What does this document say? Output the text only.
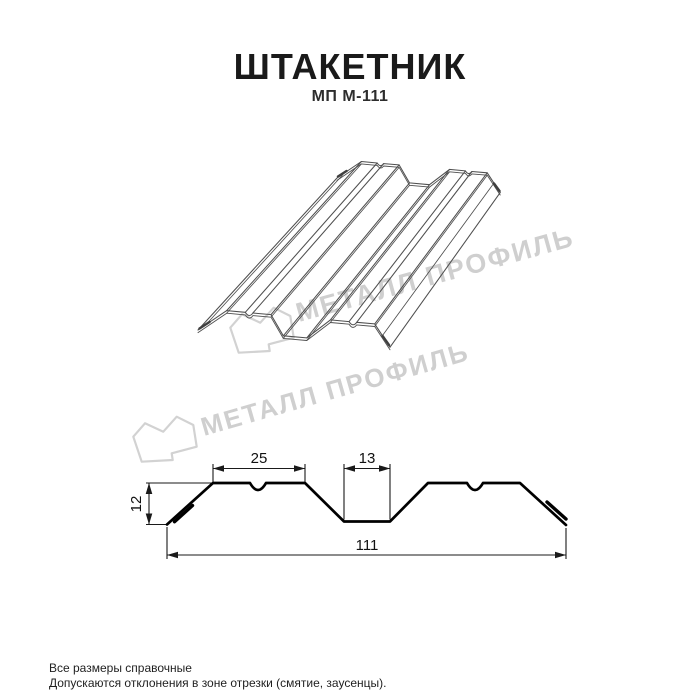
ШТАКЕТНИК
МП М-111
МЕТАЛЛ ПРОФИЛЬ
МЕТАЛЛ ПРОФИЛЬ
25	13
12
111
Все размеры справочные
Допускаются отклонения в зоне отрезки (смятие, заусенцы).
